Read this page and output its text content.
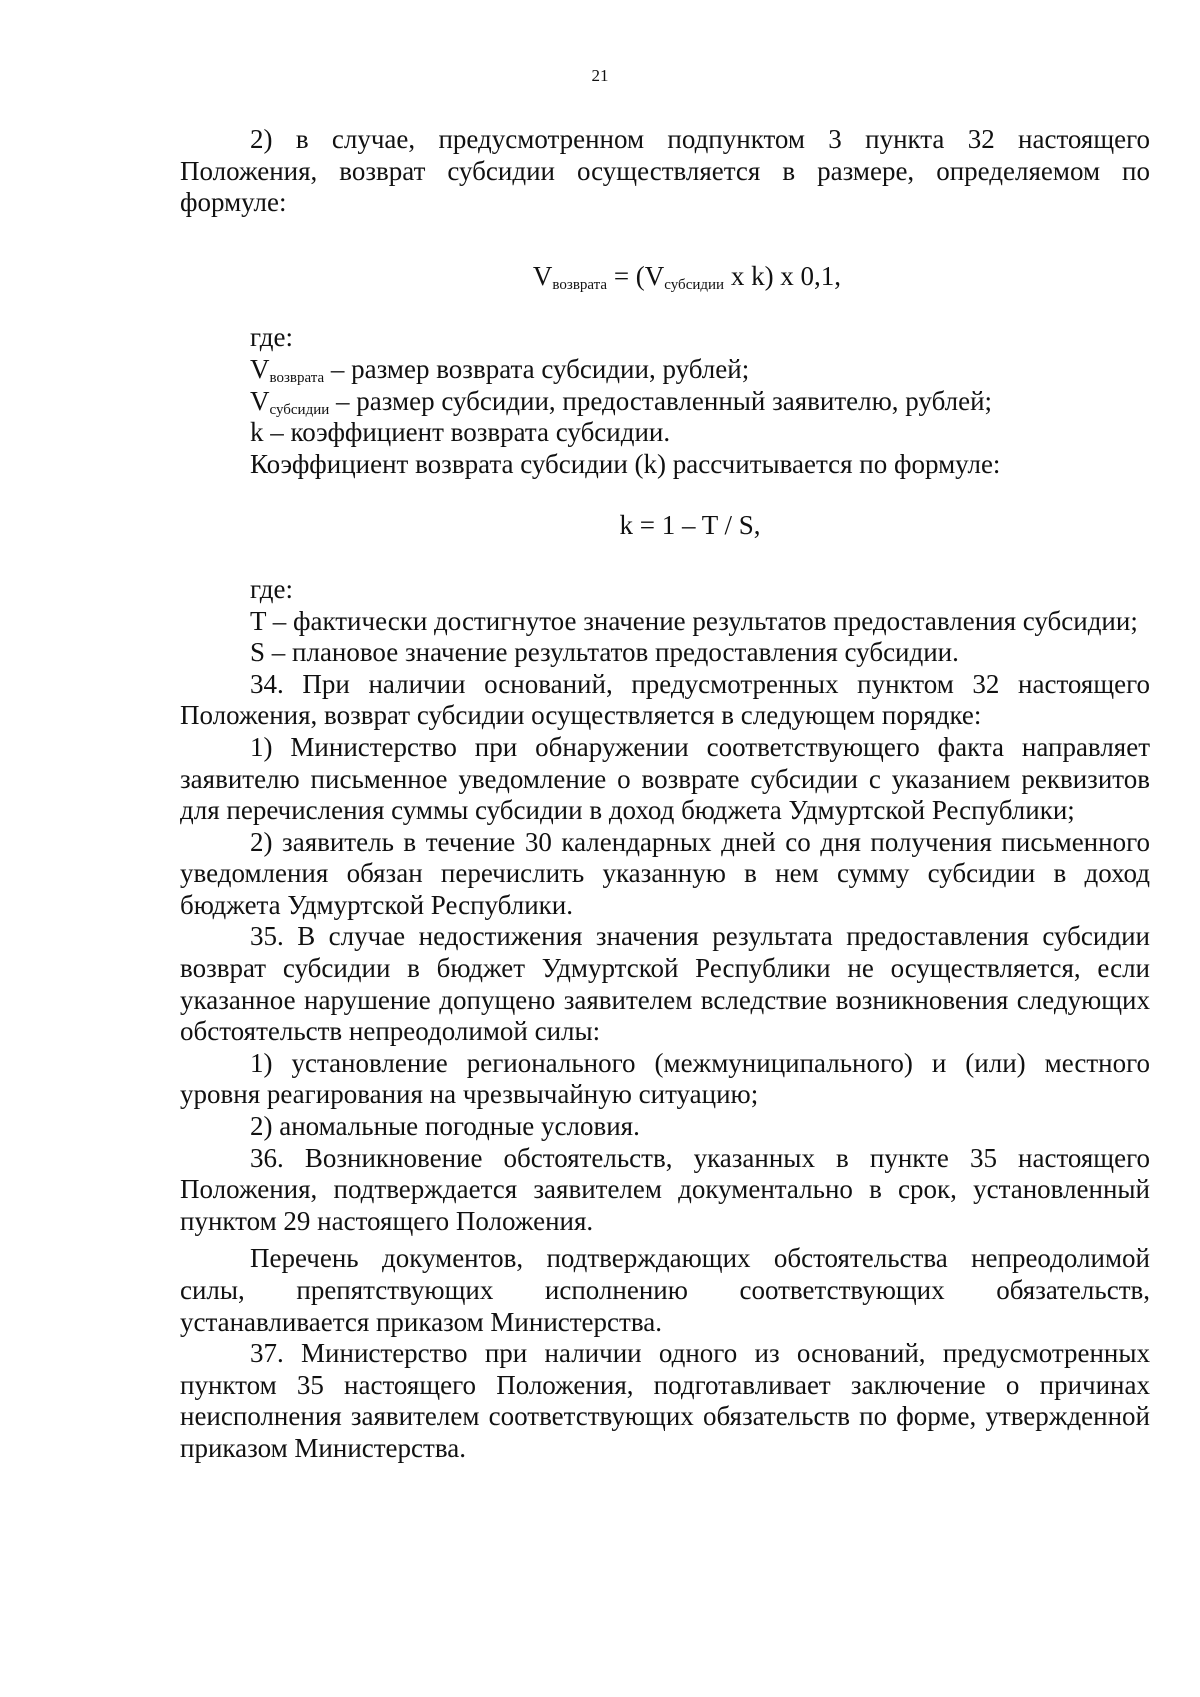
21

2) в случае, предусмотренном подпунктом 3 пункта 32 настоящего Положения, возврат субсидии осуществляется в размере, определяемом по формуле:

$V_{возврата} = (V_{субсидии}$ x k) x 0,1,

где:

$V_{возврата}$ – размер возврата субсидии, рублей;

$V_{субсидии}$ – размер субсидии, предоставленный заявителю, рублей;

k – коэффициент возврата субсидии.

Коэффициент возврата субсидии (k) рассчитывается по формуле:

k = 1 – T / S,

где:

T – фактически достигнутое значение результатов предоставления субсидии;

S – плановое значение результатов предоставления субсидии.

34. При наличии оснований, предусмотренных пунктом 32 настоящего Положения, возврат субсидии осуществляется в следующем порядке:

1) Министерство при обнаружении соответствующего факта направляет заявителю письменное уведомление о возврате субсидии с указанием реквизитов для перечисления суммы субсидии в доход бюджета Удмуртской Республики;

2) заявитель в течение 30 календарных дней со дня получения письменного уведомления обязан перечислить указанную в нем сумму субсидии в доход бюджета Удмуртской Республики.

35. В случае недостижения значения результата предоставления субсидии возврат субсидии в бюджет Удмуртской Республики не осуществляется, если указанное нарушение допущено заявителем вследствие возникновения следующих обстоятельств непреодолимой силы:

1) установление регионального (межмуниципального) и (или) местного уровня реагирования на чрезвычайную ситуацию;

2) аномальные погодные условия.

36. Возникновение обстоятельств, указанных в пункте 35 настоящего Положения, подтверждается заявителем документально в срок, установленный пунктом 29 настоящего Положения.

Перечень документов, подтверждающих обстоятельства непреодолимой силы, препятствующих исполнению соответствующих обязательств, устанавливается приказом Министерства.

37. Министерство при наличии одного из оснований, предусмотренных пунктом 35 настоящего Положения, подготавливает заключение о причинах неисполнения заявителем соответствующих обязательств по форме, утвержденной приказом Министерства.
